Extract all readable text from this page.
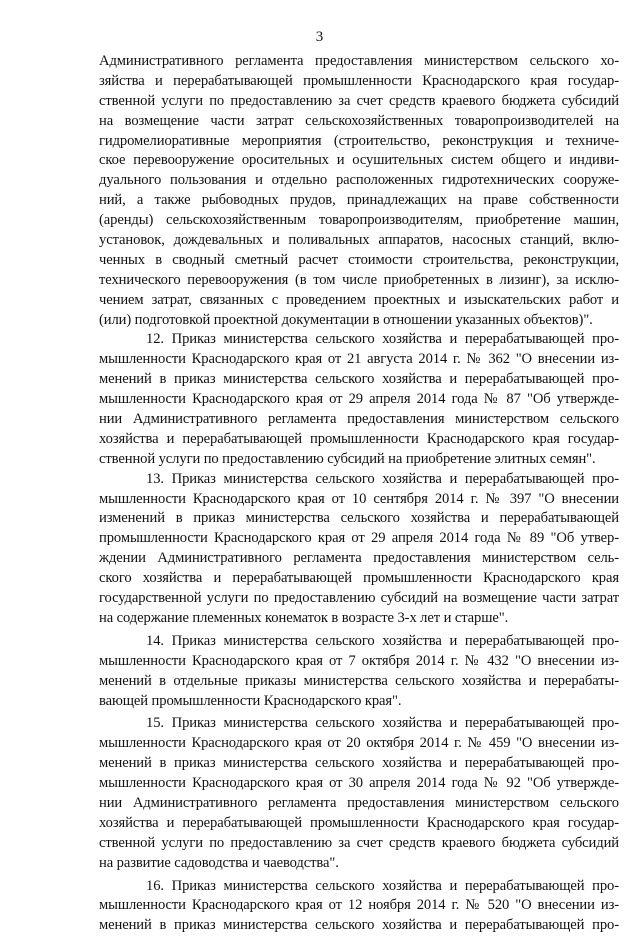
3
Административного регламента предоставления министерством сельского хо-
зяйства и перерабатывающей промышленности Краснодарского края государ-
ственной услуги по предоставлению за счет средств краевого бюджета субсидий
на возмещение части затрат сельскохозяйственных товаропроизводителей на
гидромелиоративные мероприятия (строительство, реконструкция и техниче-
ское перевооружение оросительных и осушительных систем общего и индиви-
дуального пользования и отдельно расположенных гидротехнических сооруже-
ний, а также рыбоводных прудов, принадлежащих на праве собственности
(аренды) сельскохозяйственным товаропроизводителям, приобретение машин,
установок, дождевальных и поливальных аппаратов, насосных станций, вклю-
ченных в сводный сметный расчет стоимости строительства, реконструкции,
технического перевооружения (в том числе приобретенных в лизинг), за исклю-
чением затрат, связанных с проведением проектных и изыскательских работ и
(или) подготовкой проектной документации в отношении указанных объектов)".
12. Приказ министерства сельского хозяйства и перерабатывающей про-
мышленности Краснодарского края от 21 августа 2014 г. № 362 "О внесении из-
менений в приказ министерства сельского хозяйства и перерабатывающей про-
мышленности Краснодарского края от 29 апреля 2014 года № 87 "Об утвержде-
нии Административного регламента предоставления министерством сельского
хозяйства и перерабатывающей промышленности Краснодарского края государ-
ственной услуги по предоставлению субсидий на приобретение элитных семян".
13. Приказ министерства сельского хозяйства и перерабатывающей про-
мышленности Краснодарского края от 10 сентября 2014 г. № 397 "О внесении
изменений в приказ министерства сельского хозяйства и перерабатывающей
промышленности Краснодарского края от 29 апреля 2014 года № 89 "Об утвер-
ждении Административного регламента предоставления министерством сель-
ского хозяйства и перерабатывающей промышленности Краснодарского края
государственной услуги по предоставлению субсидий на возмещение части затрат
на содержание племенных конематок в возрасте 3-х лет и старше".
14. Приказ министерства сельского хозяйства и перерабатывающей про-
мышленности Краснодарского края от 7 октября 2014 г. № 432 "О внесении из-
менений в отдельные приказы министерства сельского хозяйства и перерабаты-
вающей промышленности Краснодарского края".
15. Приказ министерства сельского хозяйства и перерабатывающей про-
мышленности Краснодарского края от 20 октября 2014 г. № 459 "О внесении из-
менений в приказ министерства сельского хозяйства и перерабатывающей про-
мышленности Краснодарского края от 30 апреля 2014 года № 92 "Об утвержде-
нии Административного регламента предоставления министерством сельского
хозяйства и перерабатывающей промышленности Краснодарского края государ-
ственной услуги по предоставлению за счет средств краевого бюджета субсидий
на развитие садоводства и чаеводства".
16. Приказ министерства сельского хозяйства и перерабатывающей про-
мышленности Краснодарского края от 12 ноября 2014 г. № 520 "О внесении из-
менений в приказ министерства сельского хозяйства и перерабатывающей про-
